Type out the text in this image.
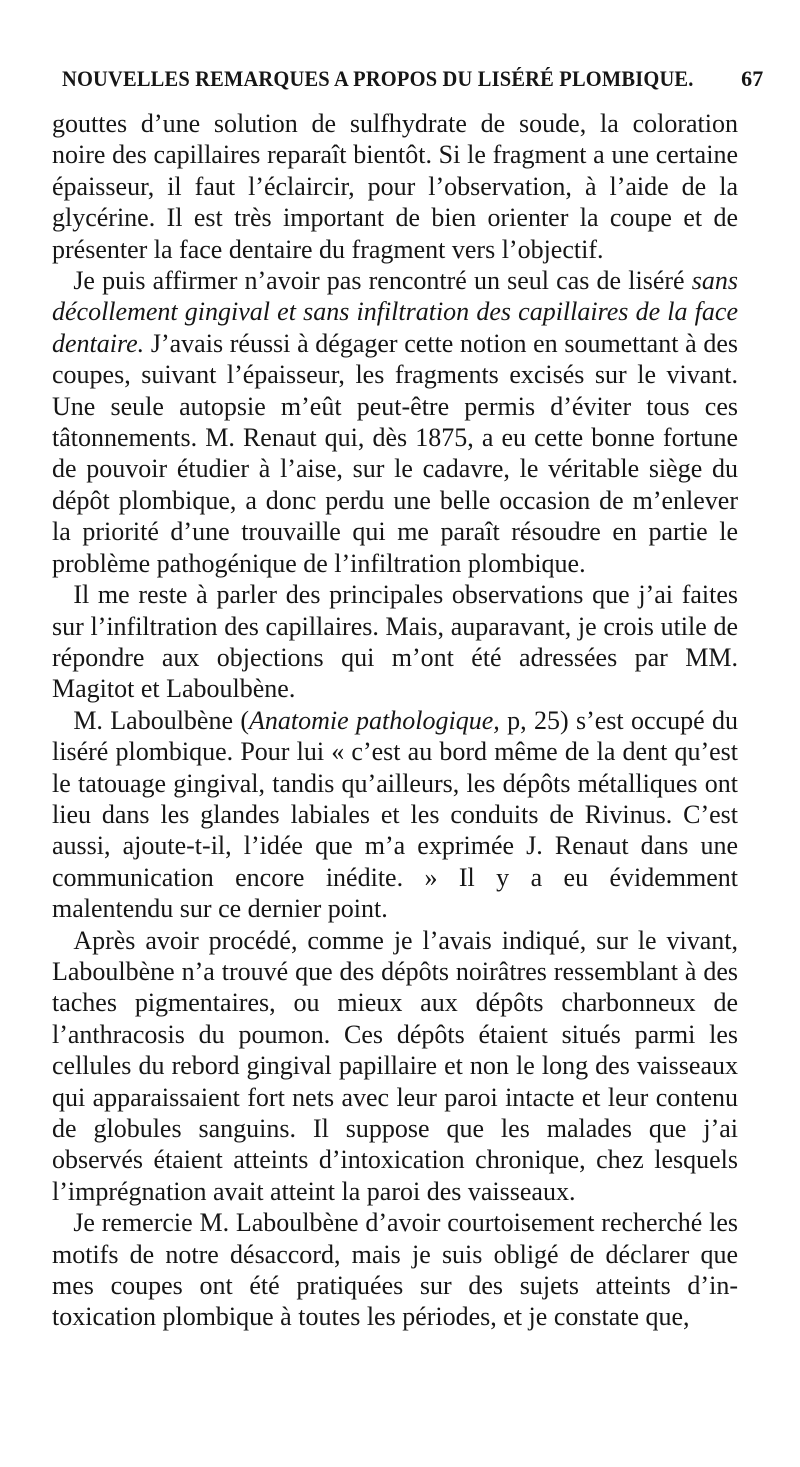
NOUVELLES REMARQUES A PROPOS DU LISÉRÉ PLOMBIQUE. 67

gouttes d’une solution de sulfhydrate de soude, la coloration noire des capillaires reparaît bientôt. Si le fragment a une certaine épaisseur, il faut l’éclaircir, pour l’observation, à l’aide de la glycérine. Il est très important de bien orienter la coupe et de présenter la face dentaire du fragment vers l’objectif.

Je puis affirmer n’avoir pas rencontré un seul cas de liséré sans décollement gingival et sans infiltration des capillaires de la face dentaire. J’avais réussi à dégager cette notion en soumettant à des coupes, suivant l’épaisseur, les fragments excisés sur le vivant. Une seule autopsie m’eût peut-être permis d’éviter tous ces tâtonnements. M. Renaut qui, dès 1875, a eu cette bonne fortune de pouvoir étudier à l’aise, sur le cadavre, le véritable siège du dépôt plombique, a donc perdu une belle occasion de m’enlever la priorité d’une trouvaille qui me paraît résoudre en partie le problème pathogénique de l’infiltration plombique.

Il me reste à parler des principales observations que j’ai faites sur l’infiltration des capillaires. Mais, auparavant, je crois utile de répondre aux objections qui m’ont été adressées par MM. Magitot et Laboulbène.

M. Laboulbène (Anatomie pathologique, p, 25) s’est occupé du liséré plombique. Pour lui « c’est au bord même de la dent qu’est le tatouage gingival, tandis qu’ailleurs, les dépôts métalliques ont lieu dans les glandes labiales et les conduits de Rivinus. C’est aussi, ajoute-t-il, l’idée que m’a exprimée J. Renaut dans une communication encore inédite. » Il y a eu évidemment malentendu sur ce dernier point.

Après avoir procédé, comme je l’avais indiqué, sur le vivant, Laboulbène n’a trouvé que des dépôts noirâtres ressemblant à des taches pigmentaires, ou mieux aux dépôts charbonneux de l’anthracosis du poumon. Ces dépôts étaient situés parmi les cellules du rebord gingival papillaire et non le long des vaisseaux qui apparaissaient fort nets avec leur paroi intacte et leur contenu de globules sanguins. Il suppose que les malades que j’ai observés étaient atteints d’intoxication chronique, chez lesquels l’imprégnation avait atteint la paroi des vaisseaux.

Je remercie M. Laboulbène d’avoir courtoisement recherché les motifs de notre désaccord, mais je suis obligé de déclarer que mes coupes ont été pratiquées sur des sujets atteints d’intoxication plombique à toutes les périodes, et je constate que,
